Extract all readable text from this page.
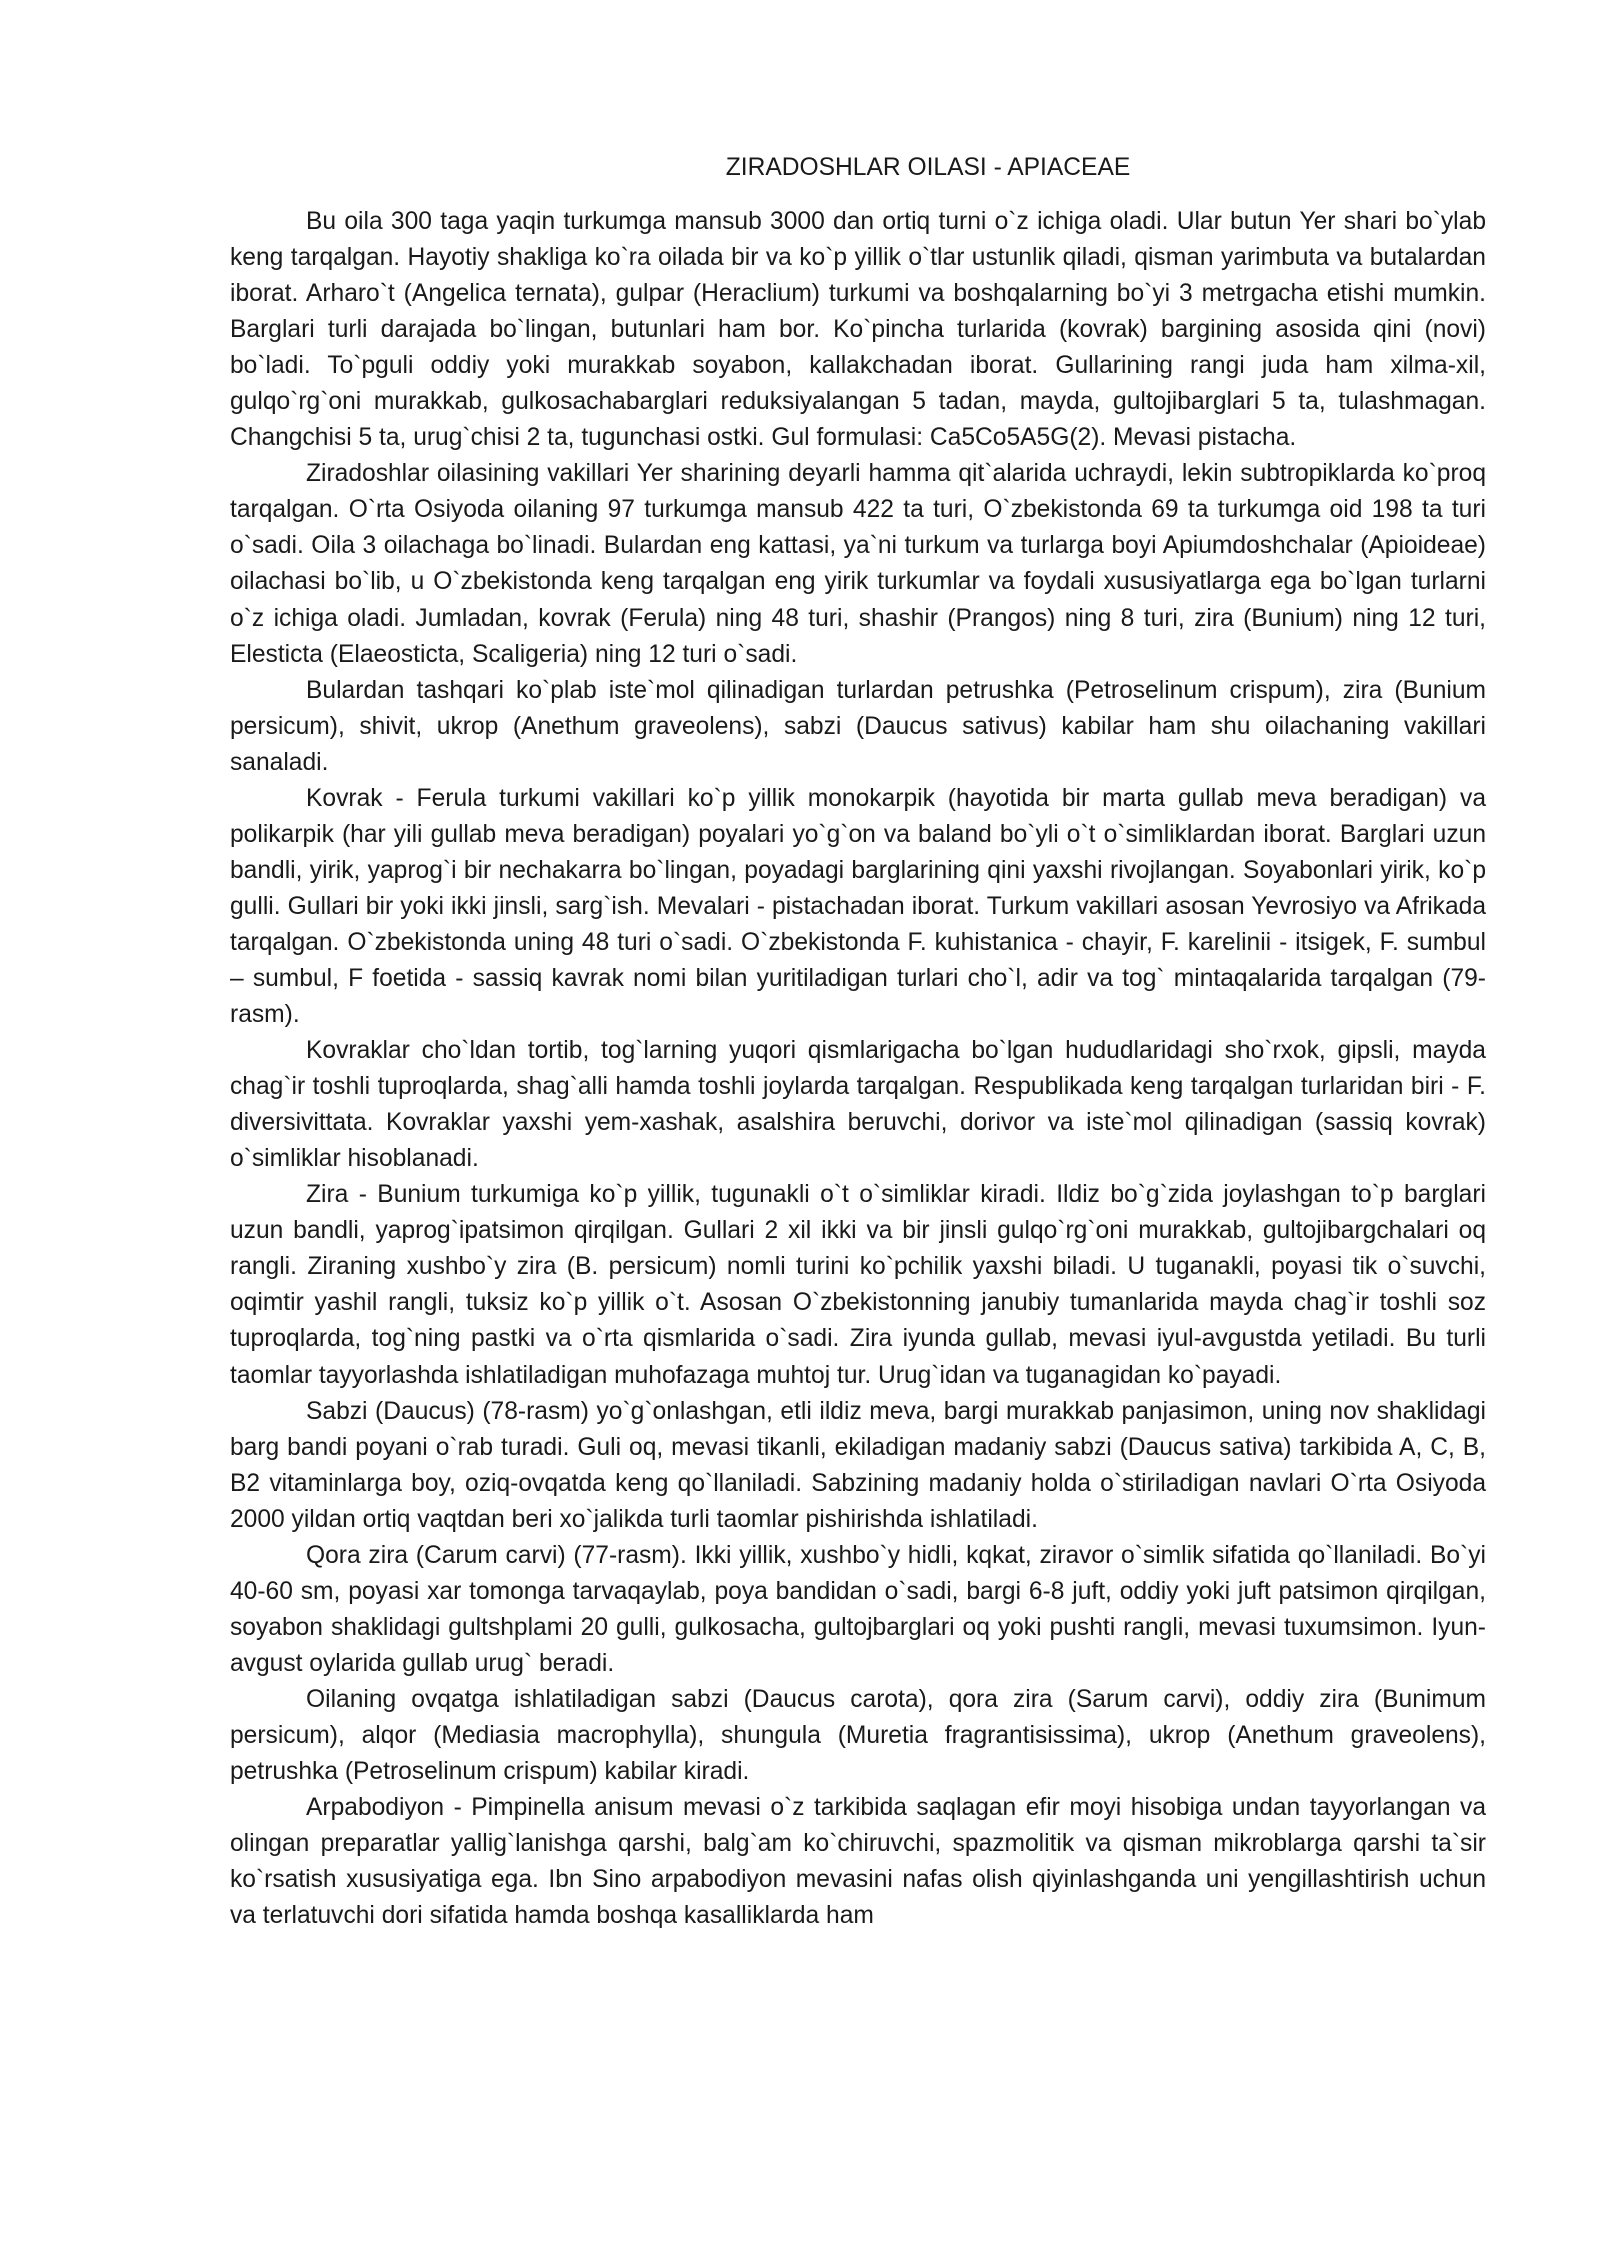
ZIRADOSHLAR OILASI - APIACEAE

Bu oila 300 taga yaqin turkumga mansub 3000 dan ortiq turni o`z ichiga oladi. Ular butun Yer shari bo`ylab keng tarqalgan. Hayotiy shakliga ko`ra oilada bir va ko`p yillik o`tlar ustunlik qiladi, qisman yarimbuta va butalardan iborat. Arharo`t (Angelica ternata), gulpar (Heraclium) turkumi va boshqalarning bo`yi 3 metrgacha etishi mumkin. Barglari turli darajada bo`lingan, butunlari ham bor. Ko`pincha turlarida (kovrak) bargining asosida qini (novi) bo`ladi. To`pguli oddiy yoki murakkab soyabon, kallakchadan iborat. Gullarining rangi juda ham xilma-xil, gulqo`rg`oni murakkab, gulkosachabarglari reduksiyalangan 5 tadan, mayda, gultojibarglari 5 ta, tulashmagan. Changchisi 5 ta, urug`chisi 2 ta, tugunchasi ostki. Gul formulasi: Ca5Co5A5G(2). Mevasi pistacha.

Ziradoshlar oilasining vakillari Yer sharining deyarli hamma qit`alarida uchraydi, lekin subtropiklarda ko`proq tarqalgan. O`rta Osiyoda oilaning 97 turkumga mansub 422 ta turi, O`zbekistonda 69 ta turkumga oid 198 ta turi o`sadi. Oila 3 oilachaga bo`linadi. Bulardan eng kattasi, ya`ni turkum va turlarga boyi Apiumdoshchalar (Apioideae) oilachasi bo`lib, u O`zbekistonda keng tarqalgan eng yirik turkumlar va foydali xususiyatlarga ega bo`lgan turlarni o`z ichiga oladi. Jumladan, kovrak (Ferula) ning 48 turi, shashir (Prangos) ning 8 turi, zira (Bunium) ning 12 turi, Elesticta (Elaeosticta, Scaligeria) ning 12 turi o`sadi.

Bulardan tashqari ko`plab iste`mol qilinadigan turlardan petrushka (Petroselinum crispum), zira (Bunium persicum), shivit, ukrop (Anethum graveolens), sabzi (Daucus sativus) kabilar ham shu oilachaning vakillari sanaladi.

Kovrak - Ferula turkumi vakillari ko`p yillik monokarpik (hayotida bir marta gullab meva beradigan) va polikarpik (har yili gullab meva beradigan) poyalari yo`g`on va baland bo`yli o`t o`simliklardan iborat. Barglari uzun bandli, yirik, yaprog`i bir nechakarra bo`lingan, poyadagi barglarining qini yaxshi rivojlangan. Soyabonlari yirik, ko`p gulli. Gullari bir yoki ikki jinsli, sarg`ish. Mevalari - pistachadan iborat. Turkum vakillari asosan Yevrosiyo va Afrikada tarqalgan. O`zbekistonda uning 48 turi o`sadi. O`zbekistonda F. kuhistanica - chayir, F. karelinii - itsigek, F. sumbul – sumbul, F foetida - sassiq kavrak nomi bilan yuritiladigan turlari cho`l, adir va tog` mintaqalarida tarqalgan (79-rasm).

Kovraklar cho`ldan tortib, tog`larning yuqori qismlarigacha bo`lgan hududlaridagi sho`rxok, gipsli, mayda chag`ir toshli tuproqlarda, shag`alli hamda toshli joylarda tarqalgan. Respublikada keng tarqalgan turlaridan biri - F. diversivittata. Kovraklar yaxshi yem-xashak, asalshira beruvchi, dorivor va iste`mol qilinadigan (sassiq kovrak) o`simliklar hisoblanadi.

Zira - Bunium turkumiga ko`p yillik, tugunakli o`t o`simliklar kiradi. Ildiz bo`g`zida joylashgan to`p barglari uzun bandli, yaprog`ipatsimon qirqilgan. Gullari 2 xil ikki va bir jinsli gulqo`rg`oni murakkab, gultojibargchalari oq rangli. Ziraning xushbo`y zira (B. persicum) nomli turini ko`pchilik yaxshi biladi. U tuganakli, poyasi tik o`suvchi, oqimtir yashil rangli, tuksiz ko`p yillik o`t. Asosan O`zbekistonning janubiy tumanlarida mayda chag`ir toshli soz tuproqlarda, tog`ning pastki va o`rta qismlarida o`sadi. Zira iyunda gullab, mevasi iyul-avgustda yetiladi. Bu turli taomlar tayyorlashda ishlatiladigan muhofazaga muhtoj tur. Urug`idan va tuganagidan ko`payadi.

Sabzi (Daucus) (78-rasm) yo`g`onlashgan, etli ildiz meva, bargi murakkab panjasimon, uning nov shaklidagi barg bandi poyani o`rab turadi. Guli oq, mevasi tikanli, ekiladigan madaniy sabzi (Daucus sativa) tarkibida A, C, B, B2 vitaminlarga boy, oziq-ovqatda keng qo`llaniladi. Sabzining madaniy holda o`stiriladigan navlari O`rta Osiyoda 2000 yildan ortiq vaqtdan beri xo`jalikda turli taomlar pishirishda ishlatiladi.

Qora zira (Carum carvi) (77-rasm). Ikki yillik, xushbo`y hidli, kqkat, ziravor o`simlik sifatida qo`llaniladi. Bo`yi 40-60 sm, poyasi xar tomonga tarvaqaylab, poya bandidan o`sadi, bargi 6-8 juft, oddiy yoki juft patsimon qirqilgan, soyabon shaklidagi gultshplami 20 gulli, gulkosacha, gultojbarglari oq yoki pushti rangli, mevasi tuxumsimon. Iyun- avgust oylarida gullab urug` beradi.

Oilaning ovqatga ishlatiladigan sabzi (Daucus carota), qora zira (Sarum carvi), oddiy zira (Bunimum persicum), alqor (Mediasia macrophylla), shungula (Muretia fragrantisissima), ukrop (Anethum graveolens), petrushka (Petroselinum crispum) kabilar kiradi.

Arpabodiyon - Pimpinella anisum mevasi o`z tarkibida saqlagan efir moyi hisobiga undan tayyorlangan va olingan preparatlar yallig`lanishga qarshi, balg`am ko`chiruvchi, spazmolitik va qisman mikroblarga qarshi ta`sir ko`rsatish xususiyatiga ega. Ibn Sino arpabodiyon mevasini nafas olish qiyinlashganda uni yengillashtirish uchun va terlatuvchi dori sifatida hamda boshqa kasalliklarda ham
